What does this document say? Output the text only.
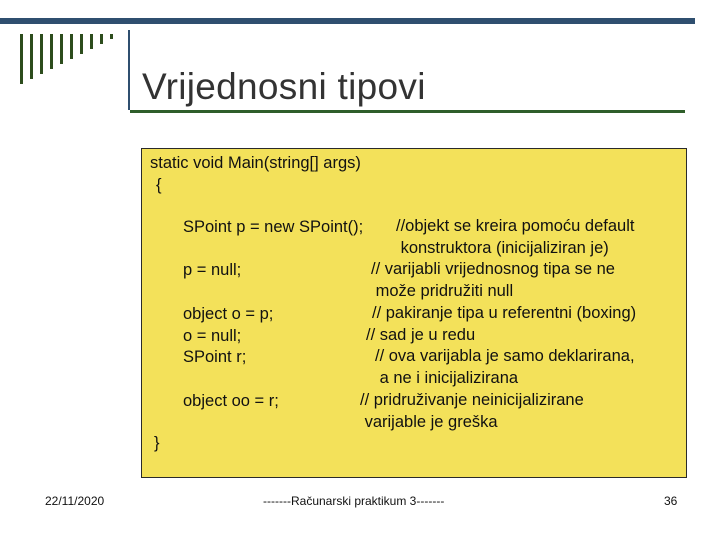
Vrijednosni tipovi
static void Main(string[] args)
{
SPoint p = new SPoint();
p = null;
object o = p;
o = null;
SPoint r;
object oo = r;
//objekt se kreira pomoću default
konstruktora (inicijaliziran je)
// varijabli vrijednosnog tipa se ne
može pridružiti null
// pakiranje tipa u referentni (boxing)
// sad je u redu
// ova varijabla je samo deklarirana,
a ne i inicijalizirana
// pridruživanje neinicijalizirane
varijable je greška
}
22/11/2020	-------Računarski praktikum 3-------	36
